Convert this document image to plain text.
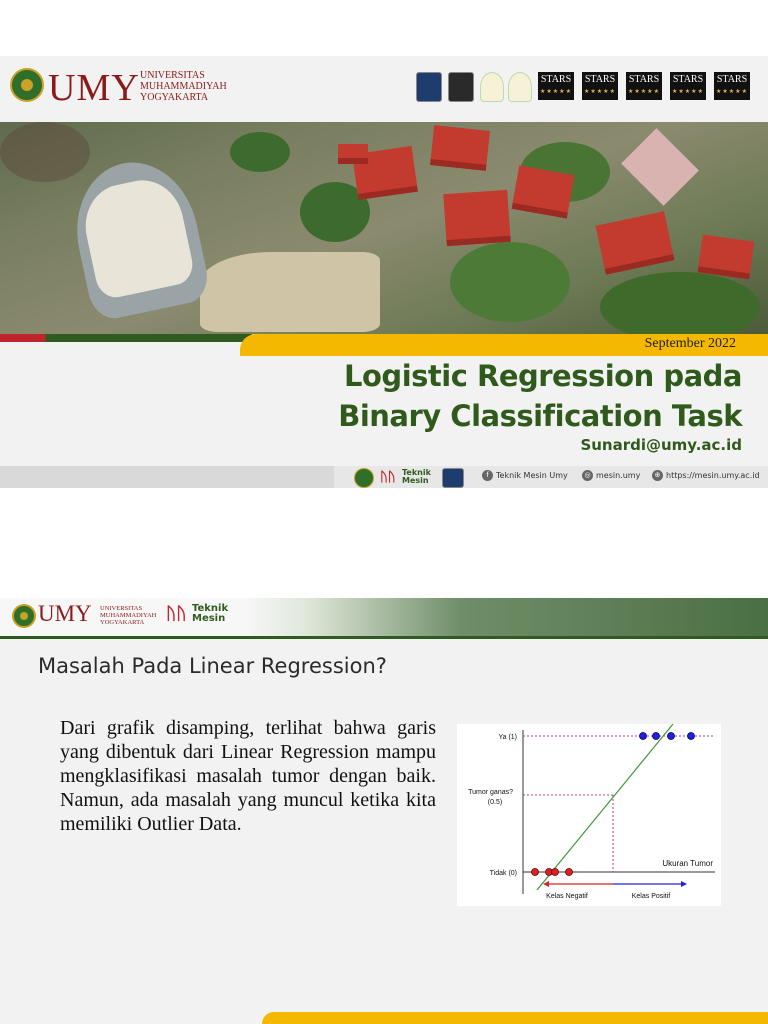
UMY UNIVERSITAS
MUHAMMADIYAH
YOGYAKARTA
STARS
★★★★★
STARS
★★★★★
STARS
★★★★★
STARS
★★★★★
STARS
★★★★★
September 2022
Logistic Regression pada
Binary Classification Task
Sunardi@umy.ac.id
ᚢᚢ Teknik
Mesin
f Teknik Mesin Umy	◎ mesin.umy	⊕ https://mesin.umy.ac.id
UMY UNIVERSITAS
MUHAMMADIYAH
YOGYAKARTA	ᚢᚢ Teknik
Mesin
Masalah Pada Linear Regression?
Dari grafik disamping, terlihat bahwa garis yang dibentuk dari Linear Regression mampu mengklasifikasi masalah tumor dengan baik. Namun, ada masalah yang muncul ketika kita memiliki Outlier Data.
Ya (1)
Tumor ganas?
(0.5)
Tidak (0)
Ukuran Tumor
Kelas Negatif	Kelas Positif
